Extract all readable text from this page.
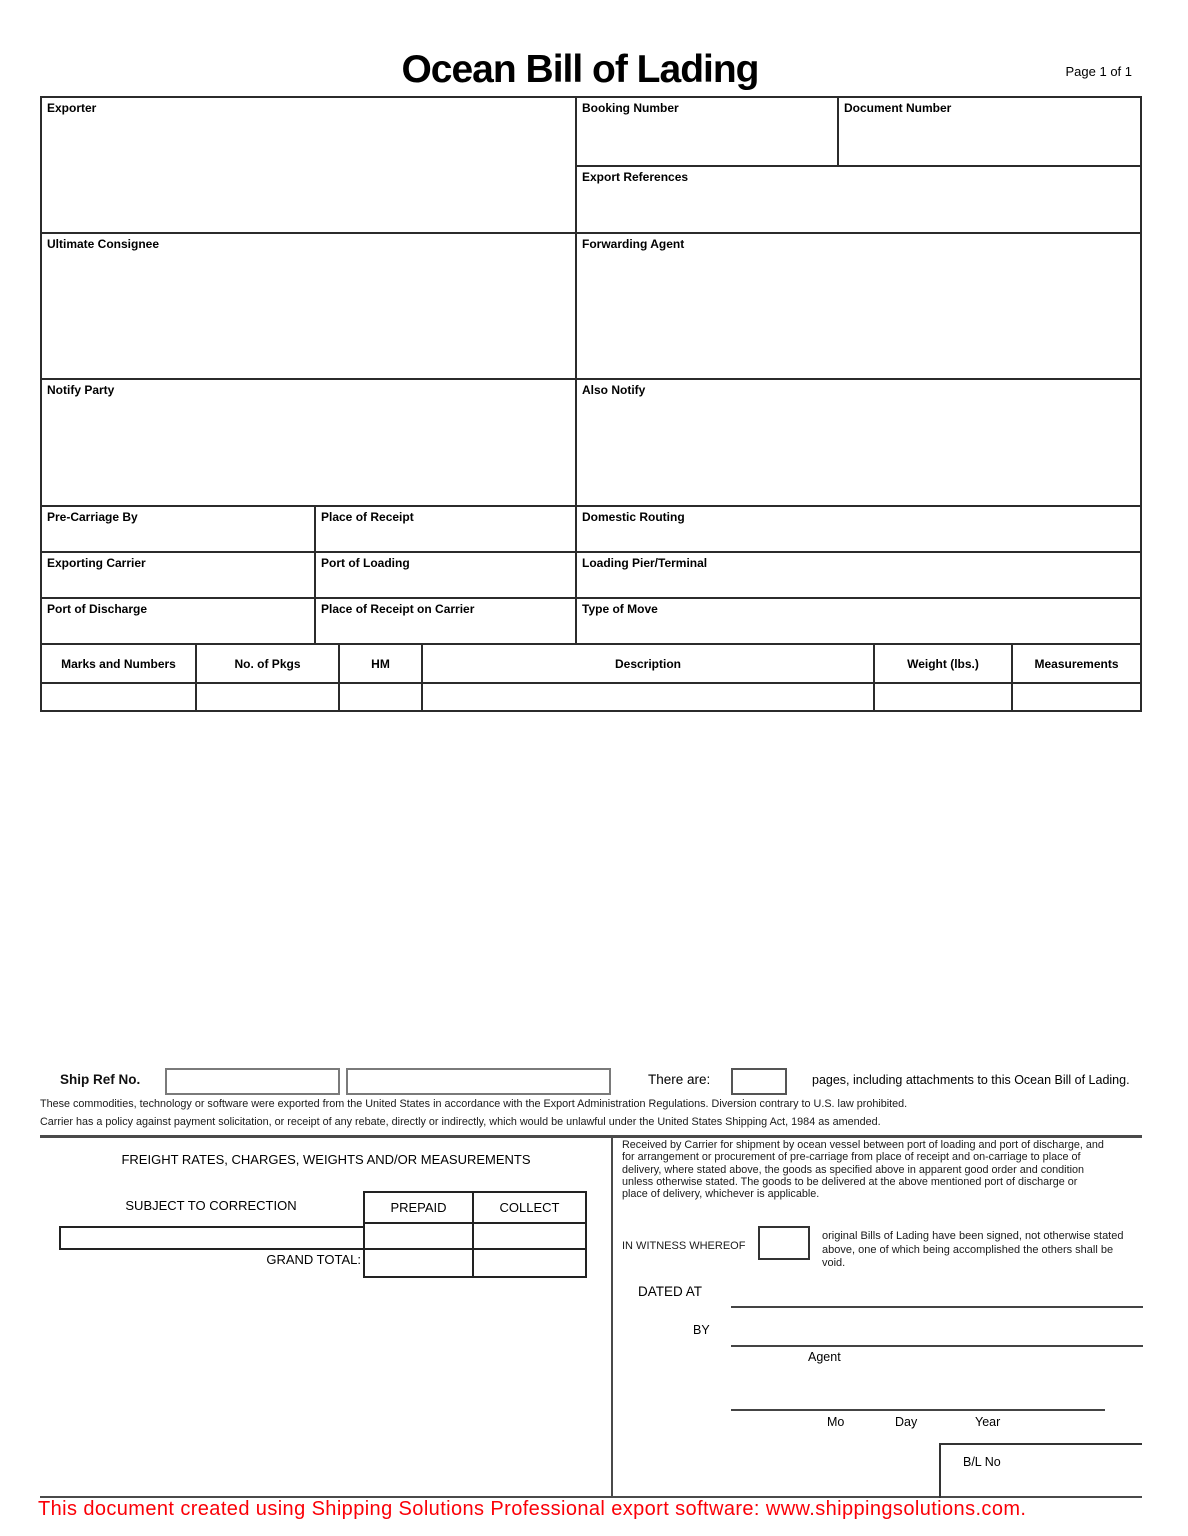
Ocean Bill of Lading	Page 1 of 1
Exporter	Booking Number	Document Number
Export References
Ultimate Consignee	Forwarding Agent
Notify Party	Also Notify
Pre-Carriage By	Place of Receipt	Domestic Routing
Exporting Carrier	Port of Loading	Loading Pier/Terminal
Port of Discharge	Place of Receipt on Carrier	Type of Move
Marks and Numbers	No. of Pkgs	HM	Description	Weight (lbs.)	Measurements
Ship Ref No.	There are:	pages, including attachments to this Ocean Bill of Lading.
These commodities, technology or software were exported from the United States in accordance with the Export Administration Regulations. Diversion contrary to U.S. law prohibited.
Carrier has a policy against payment solicitation, or receipt of any rebate, directly or indirectly, which would be unlawful under the United States Shipping Act, 1984 as amended.
FREIGHT RATES, CHARGES, WEIGHTS AND/OR MEASUREMENTS
SUBJECT TO CORRECTION	PREPAID	COLLECT
GRAND TOTAL:
Received by Carrier for shipment by ocean vessel between port of loading and port of discharge, and for arrangement or procurement of pre-carriage from place of receipt and on-carriage to place of delivery, where stated above, the goods as specified above in apparent good order and condition unless otherwise stated. The goods to be delivered at the above mentioned port of discharge or place of delivery, whichever is applicable.
IN WITNESS WHEREOF
original Bills of Lading have been signed, not otherwise stated above, one of which being accomplished the others shall be void.
DATED AT
BY
Agent
Mo	Day	Year
B/L No
This document created using Shipping Solutions Professional export software: www.shippingsolutions.com.
